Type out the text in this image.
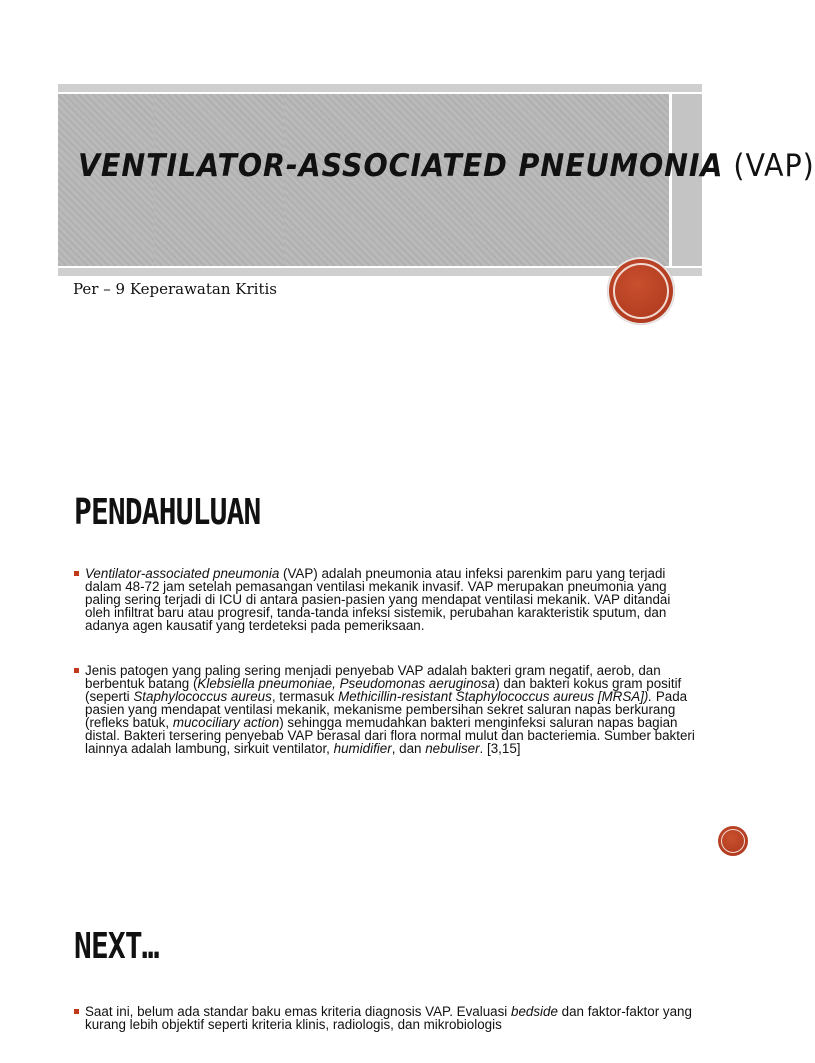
VENTILATOR-ASSOCIATED PNEUMONIA (VAP)
Per – 9 Keperawatan Kritis
PENDAHULUAN
Ventilator-associated pneumonia (VAP) adalah pneumonia atau infeksi parenkim paru yang terjadi dalam 48-72 jam setelah pemasangan ventilasi mekanik invasif. VAP merupakan pneumonia yang paling sering terjadi di ICU di antara pasien-pasien yang mendapat ventilasi mekanik. VAP ditandai oleh infiltrat baru atau progresif, tanda-tanda infeksi sistemik, perubahan karakteristik sputum, dan adanya agen kausatif yang terdeteksi pada pemeriksaan.
Jenis patogen yang paling sering menjadi penyebab VAP adalah bakteri gram negatif, aerob, dan berbentuk batang (Klebsiella pneumoniae, Pseudomonas aeruginosa) dan bakteri kokus gram positif (seperti Staphylococcus aureus, termasuk Methicillin-resistant Staphylococcus aureus [MRSA]). Pada pasien yang mendapat ventilasi mekanik, mekanisme pembersihan sekret saluran napas berkurang (refleks batuk, mucociliary action) sehingga memudahkan bakteri menginfeksi saluran napas bagian distal. Bakteri tersering penyebab VAP berasal dari flora normal mulut dan bacteriemia. Sumber bakteri lainnya adalah lambung, sirkuit ventilator, humidifier, dan nebuliser. [3,15]
NEXT…
Saat ini, belum ada standar baku emas kriteria diagnosis VAP. Evaluasi bedside dan faktor-faktor yang kurang lebih objektif seperti kriteria klinis, radiologis, dan mikrobiologis
